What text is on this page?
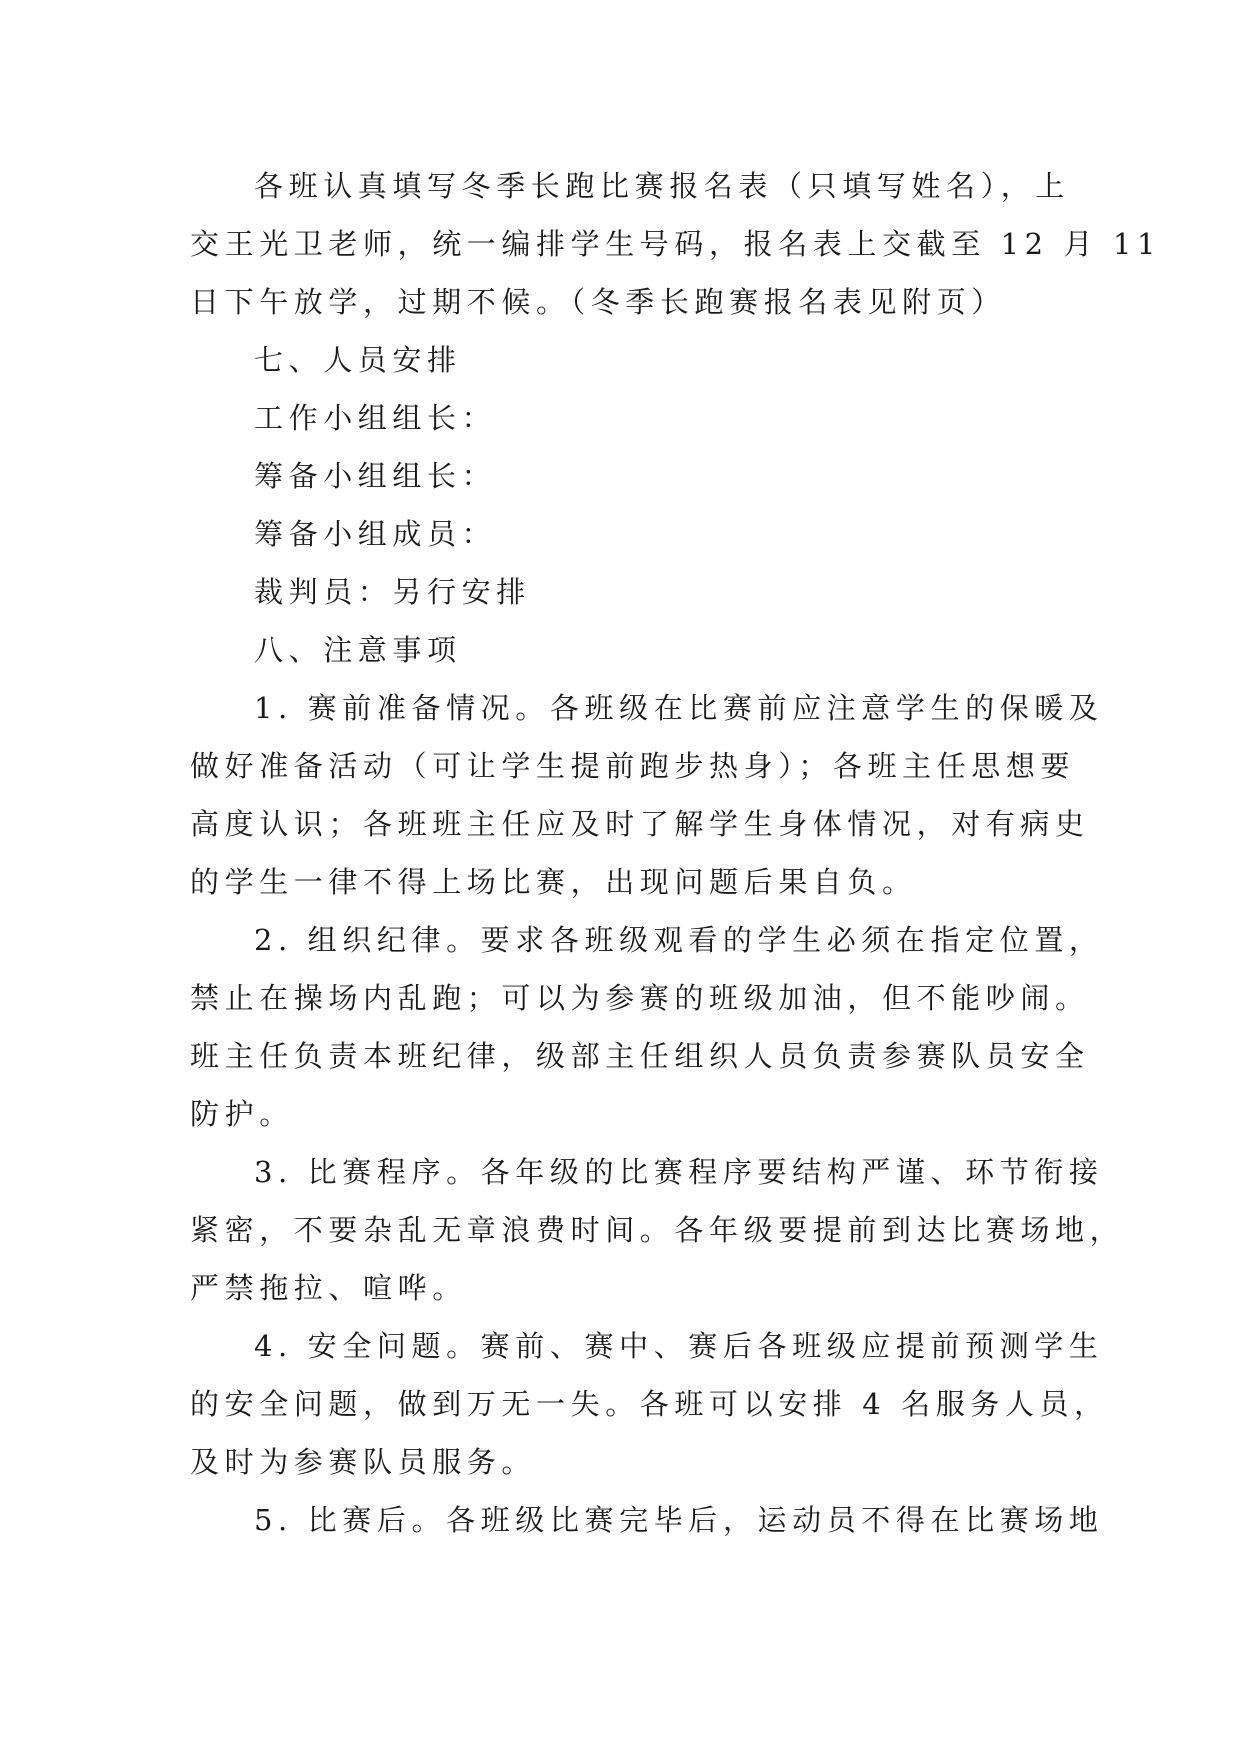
各班认真填写冬季长跑比赛报名表（只填写姓名），上
交王光卫老师，统一编排学生号码，报名表上交截至 12 月 11
日下午放学，过期不候。（冬季长跑赛报名表见附页）
七、人员安排
工作小组组长：
筹备小组组长：
筹备小组成员：
裁判员：另行安排
八、注意事项
1. 赛前准备情况。各班级在比赛前应注意学生的保暖及
做好准备活动（可让学生提前跑步热身）；各班主任思想要
高度认识；各班班主任应及时了解学生身体情况，对有病史
的学生一律不得上场比赛，出现问题后果自负。
2. 组织纪律。要求各班级观看的学生必须在指定位置，
禁止在操场内乱跑；可以为参赛的班级加油，但不能吵闹。
班主任负责本班纪律，级部主任组织人员负责参赛队员安全
防护。
3. 比赛程序。各年级的比赛程序要结构严谨、环节衔接
紧密，不要杂乱无章浪费时间。各年级要提前到达比赛场地，
严禁拖拉、喧哗。
4. 安全问题。赛前、赛中、赛后各班级应提前预测学生
的安全问题，做到万无一失。各班可以安排 4 名服务人员，
及时为参赛队员服务。
5. 比赛后。各班级比赛完毕后，运动员不得在比赛场地
